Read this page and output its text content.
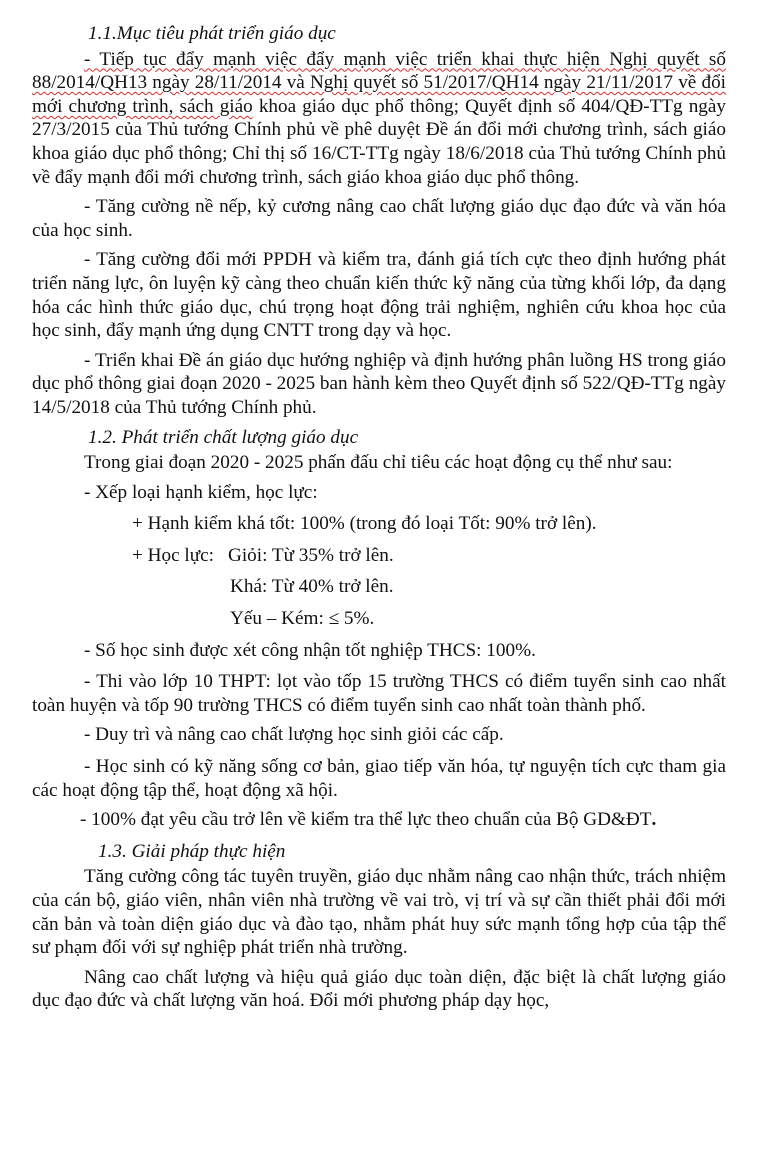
1.1.Mục tiêu phát triển giáo dục

- Tiếp tục đẩy mạnh việc đẩy mạnh việc triển khai thực hiện Nghị quyết số 88/2014/QH13 ngày 28/11/2014 và Nghị quyết số 51/2017/QH14 ngày 21/11/2017 về đổi mới chương trình, sách giáo khoa giáo dục phổ thông; Quyết định số 404/QĐ-TTg ngày 27/3/2015 của Thủ tướng Chính phủ về phê duyệt Đề án đổi mới chương trình, sách giáo khoa giáo dục phổ thông; Chỉ thị số 16/CT-TTg ngày 18/6/2018 của Thủ tướng Chính phủ về đẩy mạnh đổi mới chương trình, sách giáo khoa giáo dục phổ thông.

- Tăng cường nề nếp, kỷ cương nâng cao chất lượng giáo dục đạo đức và văn hóa của học sinh.

- Tăng cường đổi mới PPDH và kiểm tra, đánh giá tích cực theo định hướng phát triển năng lực, ôn luyện kỹ càng theo chuẩn kiến thức kỹ năng của từng khối lớp, đa dạng hóa các hình thức giáo dục, chú trọng hoạt động trải nghiệm, nghiên cứu khoa học của học sinh, đẩy mạnh ứng dụng CNTT trong dạy và học.

- Triển khai Đề án giáo dục hướng nghiệp và định hướng phân luồng HS trong giáo dục phổ thông giai đoạn 2020 - 2025 ban hành kèm theo Quyết định số 522/QĐ-TTg ngày 14/5/2018 của Thủ tướng Chính phủ.

1.2. Phát triển chất lượng giáo dục

Trong giai đoạn 2020 - 2025 phấn đấu chỉ tiêu các hoạt động cụ thể như sau:

- Xếp loại hạnh kiểm, học lực:
+ Hạnh kiểm khá tốt: 100% (trong đó loại Tốt: 90% trở lên).
+ Học lực: Giỏi: Từ 35% trở lên.
Khá: Từ 40% trở lên.
Yếu – Kém: ≤ 5%.
- Số học sinh được xét công nhận tốt nghiệp THCS: 100%.

- Thi vào lớp 10 THPT: lọt vào tốp 15 trường THCS có điểm tuyển sinh cao nhất toàn huyện và tốp 90 trường THCS có điểm tuyển sinh cao nhất toàn thành phố.

- Duy trì và nâng cao chất lượng học sinh giỏi các cấp.

- Học sinh có kỹ năng sống cơ bản, giao tiếp văn hóa, tự nguyện tích cực tham gia các hoạt động tập thể, hoạt động xã hội.

- 100% đạt yêu cầu trở lên về kiểm tra thể lực theo chuẩn của Bộ GD&ĐT.
1.3. Giải pháp thực hiện

Tăng cường công tác tuyên truyền, giáo dục nhằm nâng cao nhận thức, trách nhiệm của cán bộ, giáo viên, nhân viên nhà trường về vai trò, vị trí và sự cần thiết phải đổi mới căn bản và toàn diện giáo dục và đào tạo, nhằm phát huy sức mạnh tổng hợp của tập thể sư phạm đối với sự nghiệp phát triển nhà trường.

Nâng cao chất lượng và hiệu quả giáo dục toàn diện, đặc biệt là chất lượng giáo dục đạo đức và chất lượng văn hoá. Đổi mới phương pháp dạy học,
